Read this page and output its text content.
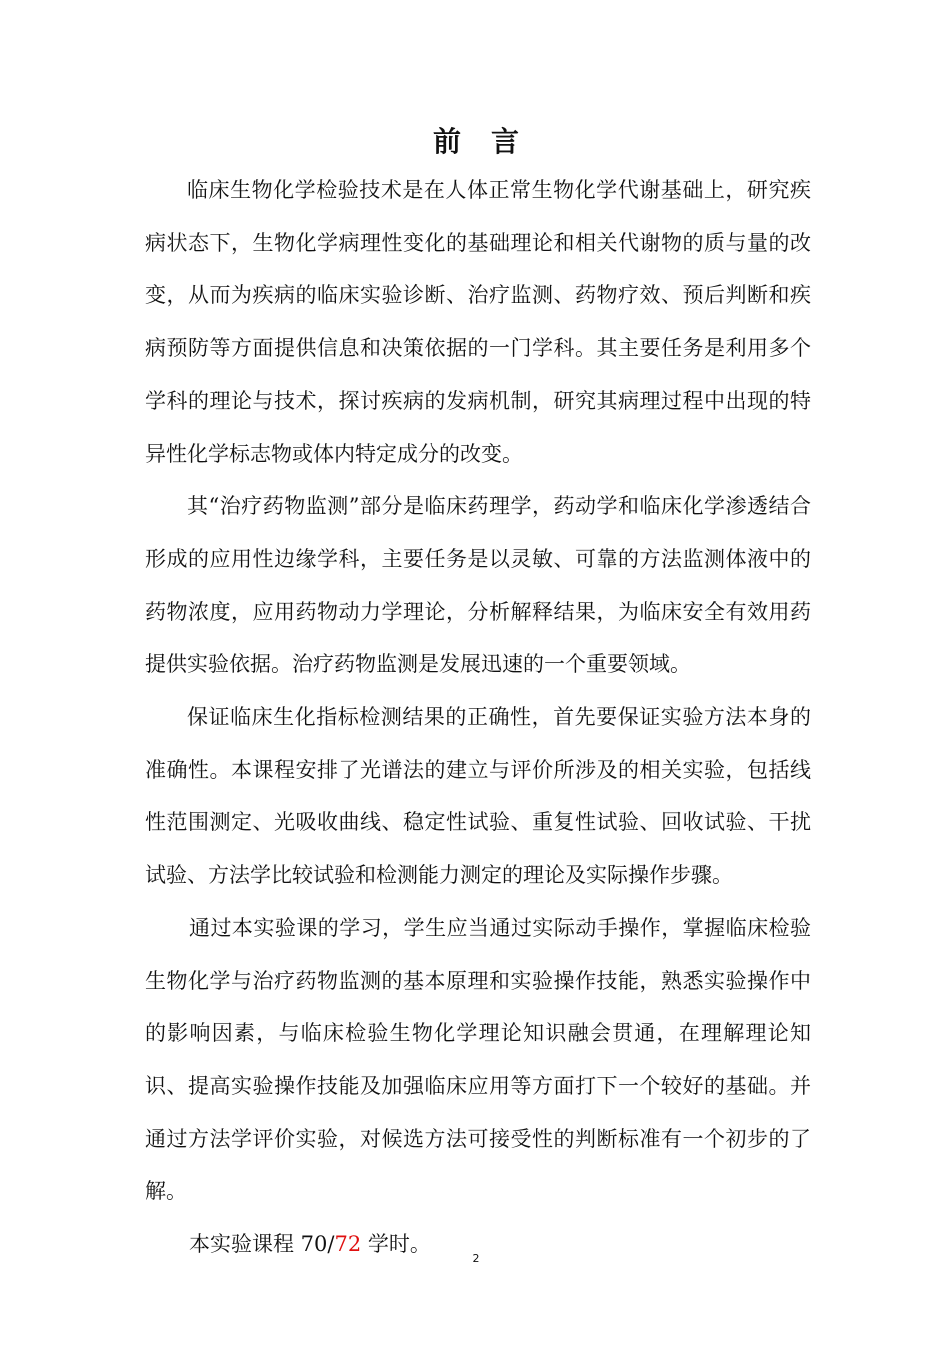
前言

临床生物化学检验技术是在人体正常生物化学代谢基础上，研究疾病状态下，生物化学病理性变化的基础理论和相关代谢物的质与量的改变，从而为疾病的临床实验诊断、治疗监测、药物疗效、预后判断和疾病预防等方面提供信息和决策依据的一门学科。其主要任务是利用多个学科的理论与技术，探讨疾病的发病机制，研究其病理过程中出现的特异性化学标志物或体内特定成分的改变。

其“治疗药物监测”部分是临床药理学，药动学和临床化学渗透结合形成的应用性边缘学科，主要任务是以灵敏、可靠的方法监测体液中的药物浓度，应用药物动力学理论，分析解释结果，为临床安全有效用药提供实验依据。治疗药物监测是发展迅速的一个重要领域。

保证临床生化指标检测结果的正确性，首先要保证实验方法本身的准确性。本课程安排了光谱法的建立与评价所涉及的相关实验，包括线性范围测定、光吸收曲线、稳定性试验、重复性试验、回收试验、干扰试验、方法学比较试验和检测能力测定的理论及实际操作步骤。

通过本实验课的学习，学生应当通过实际动手操作，掌握临床检验生物化学与治疗药物监测的基本原理和实验操作技能，熟悉实验操作中的影响因素，与临床检验生物化学理论知识融会贯通，在理解理论知识、提高实验操作技能及加强临床应用等方面打下一个较好的基础。并通过方法学评价实验，对候选方法可接受性的判断标准有一个初步的了解。

本实验课程 70/72 学时。

2
